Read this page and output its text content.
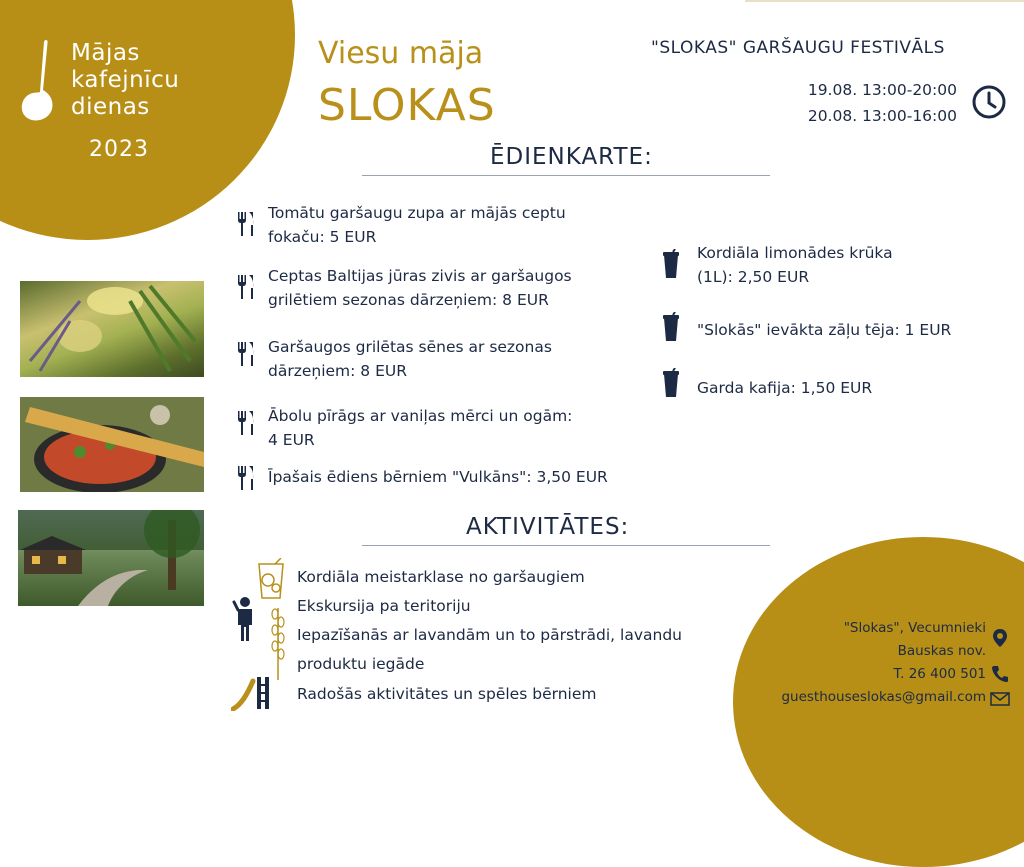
Mājas
kafejnīcu
dienas
2023
Viesu māja
SLOKAS
"SLOKAS" GARŠAUGU FESTIVĀLS
19.08. 13:00-20:00
20.08. 13:00-16:00
ĒDIENKARTE:
Tomātu garšaugu zupa ar mājās ceptu
fokaču: 5 EUR
Ceptas Baltijas jūras zivis ar garšaugos
grilētiem sezonas dārzeņiem: 8 EUR
Garšaugos grilētas sēnes ar sezonas
dārzeņiem: 8 EUR
Ābolu pīrāgs ar vaniļas mērci un ogām:
4 EUR
Īpašais ēdiens bērniem "Vulkāns": 3,50 EUR
Kordiāla limonādes krūka
(1L): 2,50 EUR
"Slokās" ievākta zāļu tēja: 1 EUR
Garda kafija: 1,50 EUR
AKTIVITĀTES:
Kordiāla meistarklase no garšaugiem
Ekskursija pa teritoriju
Iepazīšanās ar lavandām un to pārstrādi, lavandu
produktu iegāde
Radošās aktivitātes un spēles bērniem
"Slokas", Vecumnieki
Bauskas nov.
T. 26 400 501
guesthouseslokas@gmail.com
